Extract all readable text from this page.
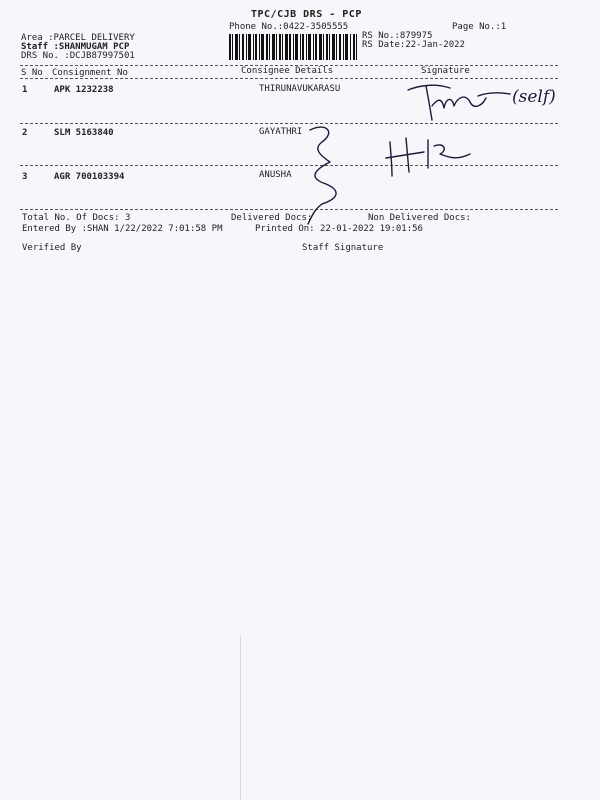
TPC/CJB DRS - PCP
Phone No.:0422-3505555	Page No.:1
Area :PARCEL DELIVERY
Staff :SHANMUGAM PCP
DRS No. :DCJB87997501
RS No.:879975
RS Date:22-Jan-2022
S No Consignment No	Consignee Details	Signature
1	APK 1232238	THIRUNAVUKARASU
2	SLM 5163840	GAYATHRI
3	AGR 700103394	ANUSHA
Total No. Of Docs: 3	Delivered Docs:	Non Delivered Docs:
Entered By :SHAN 1/22/2022 7:01:58 PM	Printed On: 22-01-2022 19:01:56
Verified By	Staff Signature
(self)
